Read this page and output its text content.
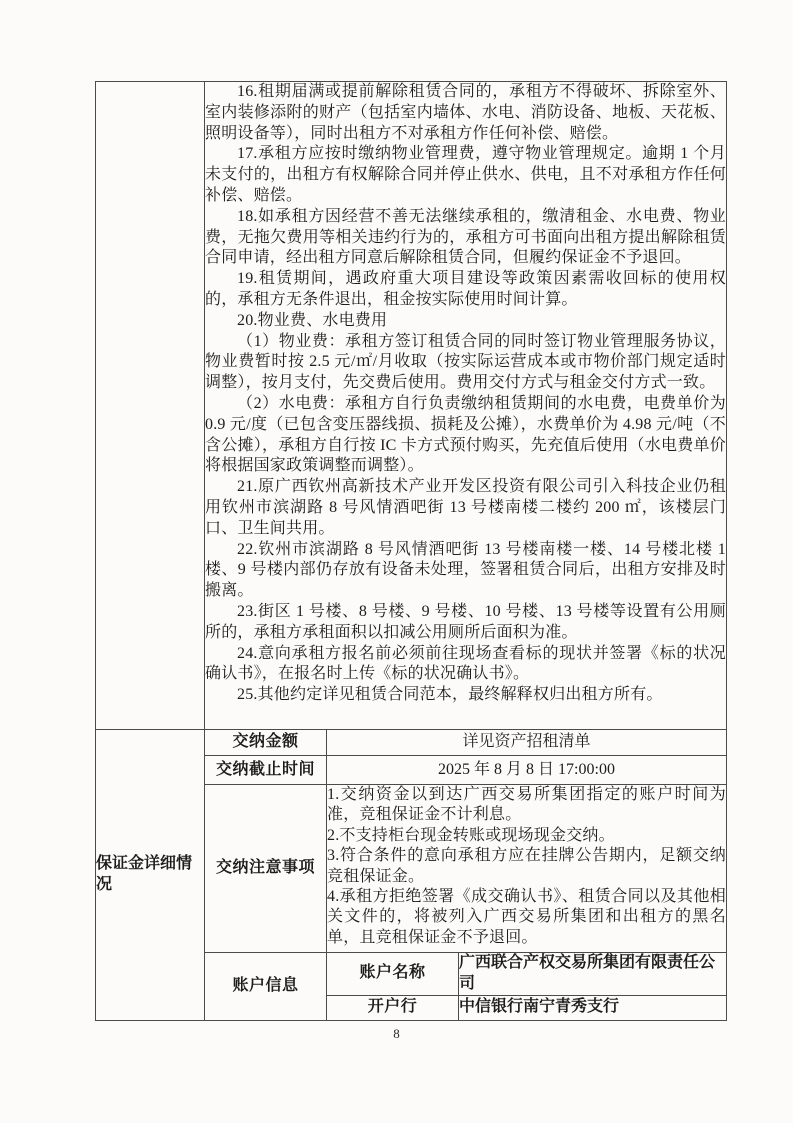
16.租期届满或提前解除租赁合同的，承租方不得破坏、拆除室外、室内装修添附的财产（包括室内墙体、水电、消防设备、地板、天花板、照明设备等），同时出租方不对承租方作任何补偿、赔偿。

17.承租方应按时缴纳物业管理费，遵守物业管理规定。逾期 1 个月未支付的，出租方有权解除合同并停止供水、供电，且不对承租方作任何补偿、赔偿。

18.如承租方因经营不善无法继续承租的，缴清租金、水电费、物业费，无拖欠费用等相关违约行为的，承租方可书面向出租方提出解除租赁合同申请，经出租方同意后解除租赁合同，但履约保证金不予退回。

19.租赁期间，遇政府重大项目建设等政策因素需收回标的使用权的，承租方无条件退出，租金按实际使用时间计算。

20.物业费、水电费用

（1）物业费：承租方签订租赁合同的同时签订物业管理服务协议，物业费暂时按 2.5 元/㎡/月收取（按实际运营成本或市物价部门规定适时调整），按月支付，先交费后使用。费用交付方式与租金交付方式一致。

（2）水电费：承租方自行负责缴纳租赁期间的水电费，电费单价为 0.9 元/度（已包含变压器线损、损耗及公摊），水费单价为 4.98 元/吨（不含公摊），承租方自行按 IC 卡方式预付购买，先充值后使用（水电费单价将根据国家政策调整而调整）。

21.原广西钦州高新技术产业开发区投资有限公司引入科技企业仍租用钦州市滨湖路 8 号风情酒吧街 13 号楼南楼二楼约 200 ㎡，该楼层门口、卫生间共用。

22.钦州市滨湖路 8 号风情酒吧街 13 号楼南楼一楼、14 号楼北楼 1 楼、9 号楼内部仍存放有设备未处理，签署租赁合同后，出租方安排及时搬离。

23.街区 1 号楼、8 号楼、9 号楼、10 号楼、13 号楼等设置有公用厕所的，承租方承租面积以扣减公用厕所后面积为准。

24.意向承租方报名前必须前往现场查看标的现状并签署《标的状况确认书》，在报名时上传《标的状况确认书》。

25.其他约定详见租赁合同范本，最终解释权归出租方所有。

保证金详细情况	交纳金额	详见资产招租清单	
	交纳截止时间	2025 年 8 月 8 日 17:00:00	
	交纳注意事项	1.交纳资金以到达广西交易所集团指定的账户时间为准，竞租保证金不计利息。

2.不支持柜台现金转账或现场现金交纳。

3.符合条件的意向承租方应在挂牌公告期内，足额交纳竞租保证金。

4.承租方拒绝签署《成交确认书》、租赁合同以及其他相关文件的，将被列入广西交易所集团和出租方的黑名单，且竞租保证金不予退回。	

	账户信息	账户名称	广西联合产权交易所集团有限责任公司
		开户行	中信银行南宁青秀支行
8
